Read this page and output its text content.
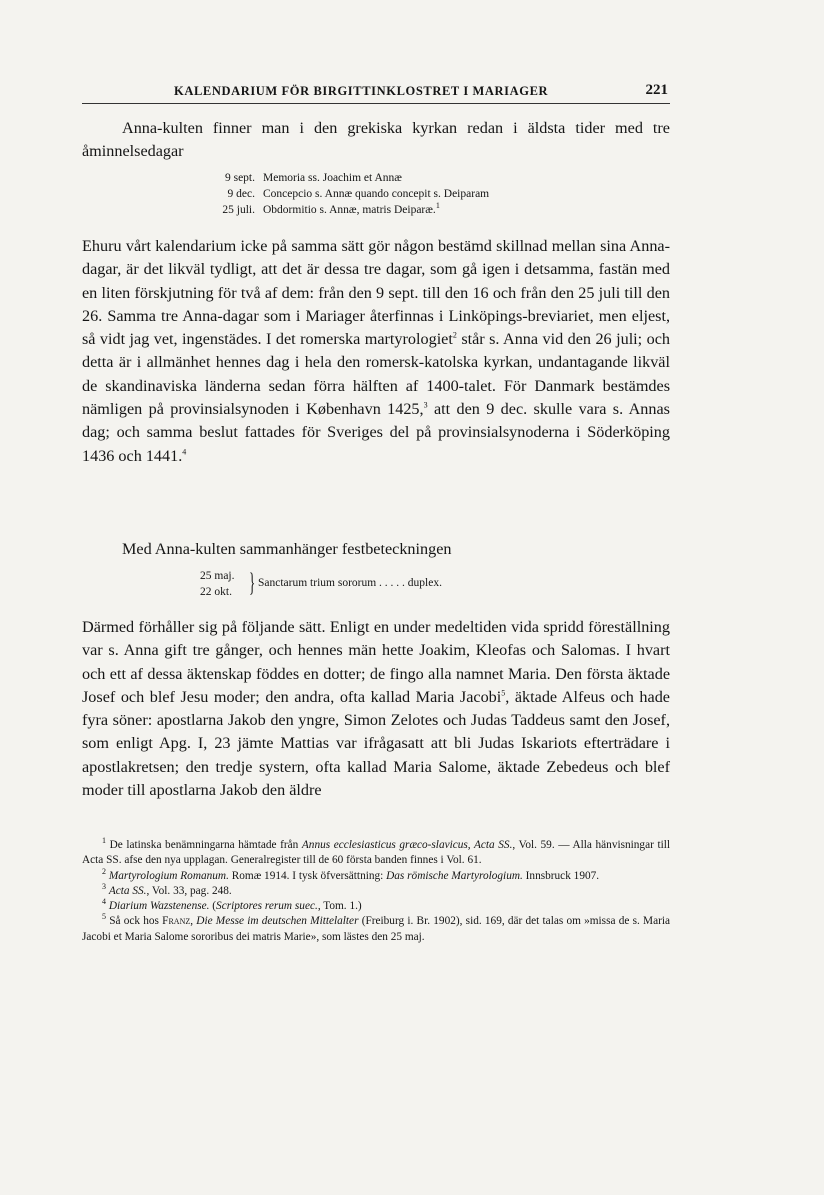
KALENDARIUM FÖR BIRGITTINKLOSTRET I MARIAGER	221

Anna-kulten finner man i den grekiska kyrkan redan i äldsta tider med tre åminnelsedagar

9 sept. Memoria ss. Joachim et Annæ
9 dec. Concepcio s. Annæ quando concepit s. Deiparam
25 juli. Obdormitio s. Annæ, matris Deiparæ.$^1$

Ehuru vårt kalendarium icke på samma sätt gör någon bestämd skillnad mellan sina Anna-dagar, är det likväl tydligt, att det är dessa tre dagar, som gå igen i detsamma, fastän med en liten förskjutning för två af dem: från den 9 sept. till den 16 och från den 25 juli till den 26. Samma tre Anna-dagar som i Mariager återfinnas i Linköpings-breviariet, men eljest, så vidt jag vet, ingenstädes. I det romerska martyrologiet$^2$ står s. Anna vid den 26 juli; och detta är i allmänhet hennes dag i hela den romersk-katolska kyrkan, undantagande likväl de skandinaviska länderna sedan förra hälften af 1400-talet. För Danmark bestämdes nämligen på provinsialsynoden i København 1425,$^3$ att den 9 dec. skulle vara s. Annas dag; och samma beslut fattades för Sveriges del på provinsialsynoderna i Söderköping 1436 och 1441.$^4$

Med Anna-kulten sammanhänger festbeteckningen

25 maj.
22 okt. } Sanctarum trium sororum . . . . . duplex.

Därmed förhåller sig på följande sätt. Enligt en under medeltiden vida spridd föreställning var s. Anna gift tre gånger, och hennes män hette Joakim, Kleofas och Salomas. I hvart och ett af dessa äktenskap föddes en dotter; de fingo alla namnet Maria. Den första äktade Josef och blef Jesu moder; den andra, ofta kallad Maria Jacobi$^5$, äktade Alfeus och hade fyra söner: apostlarna Jakob den yngre, Simon Zelotes och Judas Taddeus samt den Josef, som enligt Apg. I, 23 jämte Mattias var ifrågasatt att bli Judas Iskariots efterträdare i apostlakretsen; den tredje systern, ofta kallad Maria Salome, äktade Zebedeus och blef moder till apostlarna Jakob den äldre

$^1$ De latinska benämningarna hämtade från Annus ecclesiasticus græco-slavicus, Acta SS., Vol. 59. — Alla hänvisningar till Acta SS. afse den nya upplagan. Generalregister till de 60 första banden finnes i Vol. 61.

$^2$ Martyrologium Romanum. Romæ 1914. I tysk öfversättning: Das römische Martyrologium. Innsbruck 1907.

$^3$ Acta SS., Vol. 33, pag. 248.

$^4$ Diarium Wazstenense. (Scriptores rerum suec., Tom. 1.)

$^5$ Så ock hos Franz, Die Messe im deutschen Mittelalter (Freiburg i. Br. 1902), sid. 169, där det talas om »missa de s. Maria Jacobi et Maria Salome sororibus dei matris Marie», som lästes den 25 maj.
